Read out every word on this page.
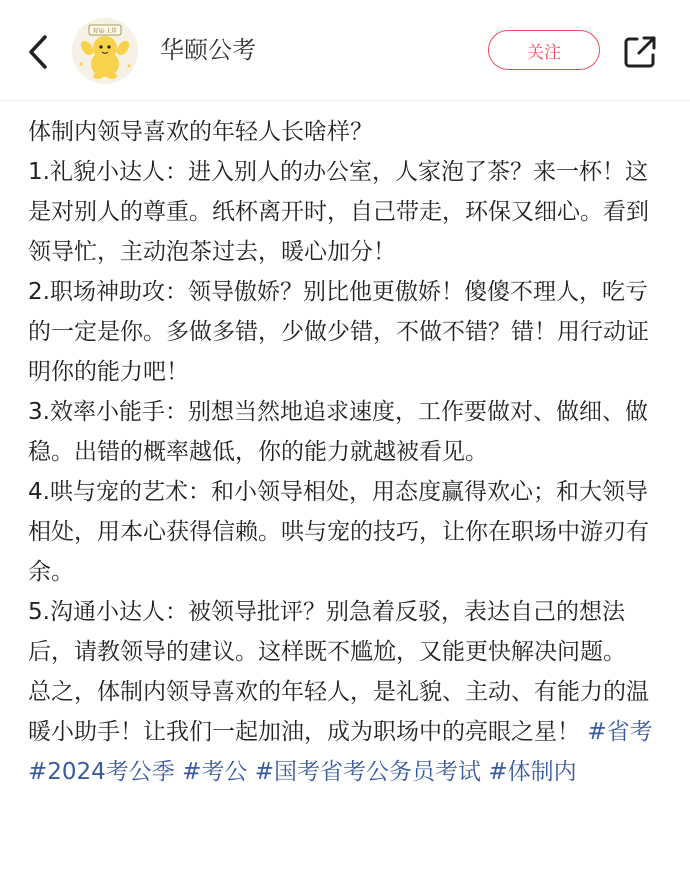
好运·上岸
华颐公考	关注

体制内领导喜欢的年轻人长啥样？

1.礼貌小达人：进入别人的办公室，人家泡了茶？来一杯！这是对别人的尊重。纸杯离开时，自己带走，环保又细心。看到领导忙，主动泡茶过去，暖心加分！

2.职场神助攻：领导傲娇？别比他更傲娇！傻傻不理人，吃亏的一定是你。多做多错，少做少错，不做不错？错！用行动证明你的能力吧！

3.效率小能手：别想当然地追求速度，工作要做对、做细、做稳。出错的概率越低，你的能力就越被看见。

4.哄与宠的艺术：和小领导相处，用态度赢得欢心；和大领导相处，用本心获得信赖。哄与宠的技巧，让你在职场中游刃有余。

5.沟通小达人：被领导批评？别急着反驳，表达自己的想法后，请教领导的建议。这样既不尴尬，又能更快解决问题。

总之，体制内领导喜欢的年轻人，是礼貌、主动、有能力的温暖小助手！让我们一起加油，成为职场中的亮眼之星！ #省考 #2024考公季 #考公 #国考省考公务员考试 #体制内
